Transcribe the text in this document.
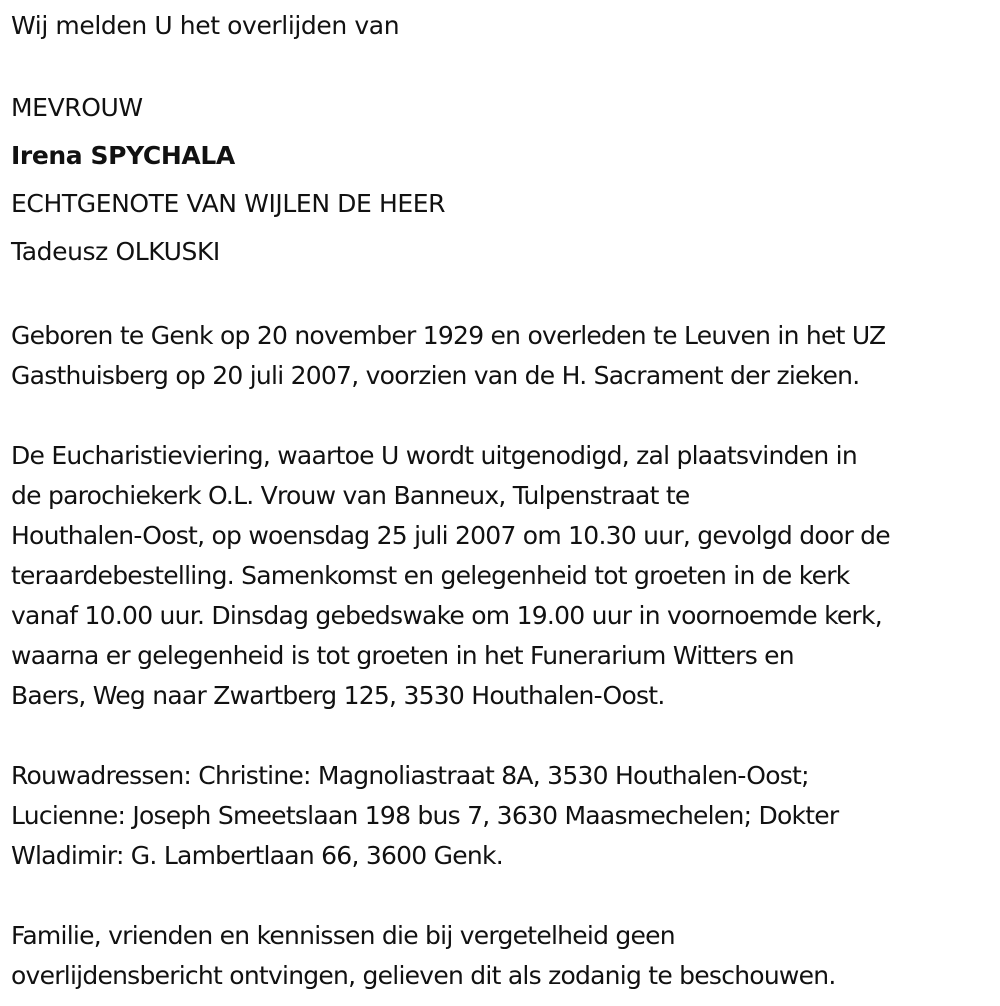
Wij melden U het overlijden van

MEVROUW

Irena SPYCHALA

ECHTGENOTE VAN WIJLEN DE HEER

Tadeusz OLKUSKI

Geboren te Genk op 20 november 1929 en overleden te Leuven in het UZ

Gasthuisberg op 20 juli 2007, voorzien van de H. Sacrament der zieken.

De Eucharistieviering, waartoe U wordt uitgenodigd, zal plaatsvinden in

de parochiekerk O.L. Vrouw van Banneux, Tulpenstraat te

Houthalen-Oost, op woensdag 25 juli 2007 om 10.30 uur, gevolgd door de

teraardebestelling. Samenkomst en gelegenheid tot groeten in de kerk

vanaf 10.00 uur. Dinsdag gebedswake om 19.00 uur in voornoemde kerk,

waarna er gelegenheid is tot groeten in het Funerarium Witters en

Baers, Weg naar Zwartberg 125, 3530 Houthalen-Oost.

Rouwadressen: Christine: Magnoliastraat 8A, 3530 Houthalen-Oost;

Lucienne: Joseph Smeetslaan 198 bus 7, 3630 Maasmechelen; Dokter

Wladimir: G. Lambertlaan 66, 3600 Genk.

Familie, vrienden en kennissen die bij vergetelheid geen

overlijdensbericht ontvingen, gelieven dit als zodanig te beschouwen.
